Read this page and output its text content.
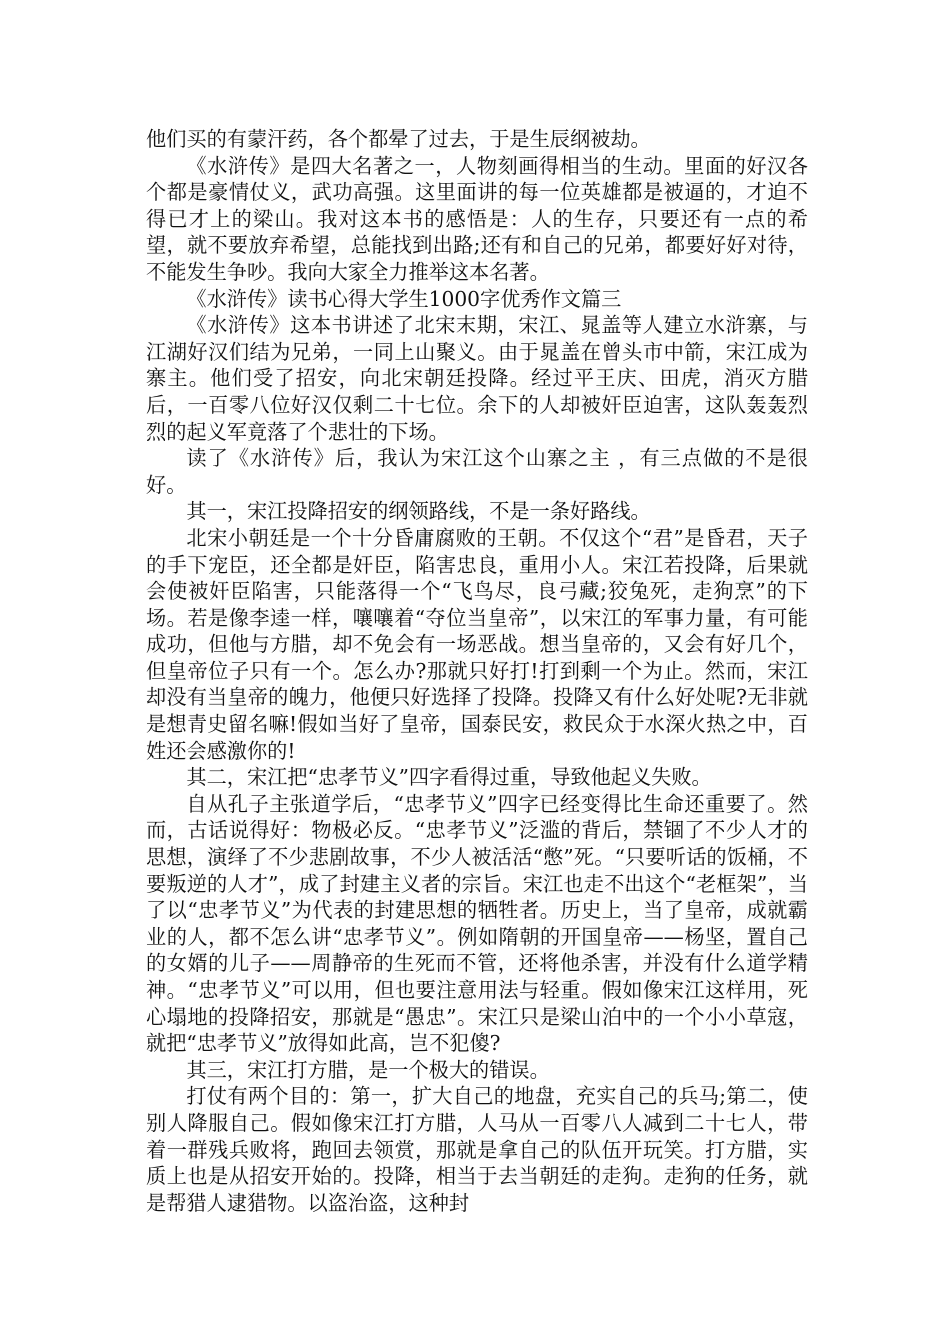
他们买的有蒙汗药，各个都晕了过去，于是生辰纲被劫。

《水浒传》是四大名著之一，人物刻画得相当的生动。里面的好汉各个都是豪情仗义，武功高强。这里面讲的每一位英雄都是被逼的，才迫不得已才上的梁山。我对这本书的感悟是：人的生存，只要还有一点的希望，就不要放弃希望，总能找到出路;还有和自己的兄弟，都要好好对待，不能发生争吵。我向大家全力推举这本名著。

《水浒传》读书心得大学生1000字优秀作文篇三

《水浒传》这本书讲述了北宋末期，宋江、晁盖等人建立水浒寨，与江湖好汉们结为兄弟，一同上山聚义。由于晁盖在曾头市中箭，宋江成为寨主。他们受了招安，向北宋朝廷投降。经过平王庆、田虎，消灭方腊后，一百零八位好汉仅剩二十七位。余下的人却被奸臣迫害，这队轰轰烈烈的起义军竟落了个悲壮的下场。

读了《水浒传》后，我认为宋江这个山寨之主 ，有三点做的不是很好。

其一，宋江投降招安的纲领路线，不是一条好路线。

北宋小朝廷是一个十分昏庸腐败的王朝。不仅这个“君”是昏君，天子的手下宠臣，还全都是奸臣，陷害忠良，重用小人。宋江若投降，后果就会使被奸臣陷害，只能落得一个“飞鸟尽，良弓藏;狡兔死，走狗烹”的下场。若是像李逵一样，嚷嚷着“夺位当皇帝”，以宋江的军事力量，有可能成功，但他与方腊，却不免会有一场恶战。想当皇帝的，又会有好几个，但皇帝位子只有一个。怎么办?那就只好打!打到剩一个为止。然而，宋江却没有当皇帝的魄力，他便只好选择了投降。投降又有什么好处呢?无非就是想青史留名嘛!假如当好了皇帝，国泰民安，救民众于水深火热之中，百姓还会感激你的!

其二，宋江把“忠孝节义”四字看得过重，导致他起义失败。

自从孔子主张道学后，“忠孝节义”四字已经变得比生命还重要了。然而，古话说得好：物极必反。“忠孝节义”泛滥的背后，禁锢了不少人才的思想，演绎了不少悲剧故事，不少人被活活“憋”死。“只要听话的饭桶，不要叛逆的人才”，成了封建主义者的宗旨。宋江也走不出这个“老框架”，当了以“忠孝节义”为代表的封建思想的牺牲者。历史上，当了皇帝，成就霸业的人，都不怎么讲“忠孝节义”。例如隋朝的开国皇帝——杨坚，置自己的女婿的儿子——周静帝的生死而不管，还将他杀害，并没有什么道学精神。“忠孝节义”可以用，但也要注意用法与轻重。假如像宋江这样用，死心塌地的投降招安，那就是“愚忠”。宋江只是梁山泊中的一个小小草寇，就把“忠孝节义”放得如此高，岂不犯傻?

其三，宋江打方腊，是一个极大的错误。

打仗有两个目的：第一，扩大自己的地盘，充实自己的兵马;第二，使别人降服自己。假如像宋江打方腊，人马从一百零八人减到二十七人，带着一群残兵败将，跑回去领赏，那就是拿自己的队伍开玩笑。打方腊，实质上也是从招安开始的。投降，相当于去当朝廷的走狗。走狗的任务，就是帮猎人逮猎物。以盗治盗，这种封
